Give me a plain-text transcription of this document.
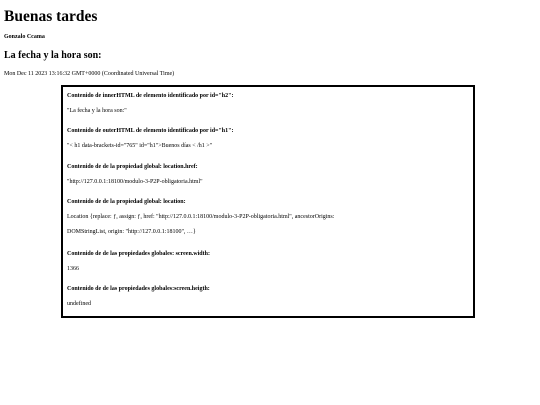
Buenas tardes
Gonzalo Ccama
La fecha y la hora son:
Mon Dec 11 2023 13:16:32 GMT+0000 (Coordinated Universal Time)
Contenido de innerHTML de elemento identificado por id="h2":
"La fecha y la hora son:"
Contenido de outerHTML de elemento identificado por id="h1":
"< h1 data-brackets-id="765" id="h1">Buenos días < /h1 >"
Contenido de de la propiedad global: location.href:
"http://127.0.0.1:18100/modulo-3-P2P-obligatoria.html"
Contenido de de la propiedad global: location:
Location {replace: ƒ, assign: ƒ, href: "http://127.0.0.1:18100/modulo-3-P2P-obligatoria.html", ancestorOrigins:
DOMStringList, origin: "http://127.0.0.1:18100", …}
Contenido de de las propiedades globales: screen.width:
1366
Contenido de de las propiedades globales:screen.heigth:
undefined
